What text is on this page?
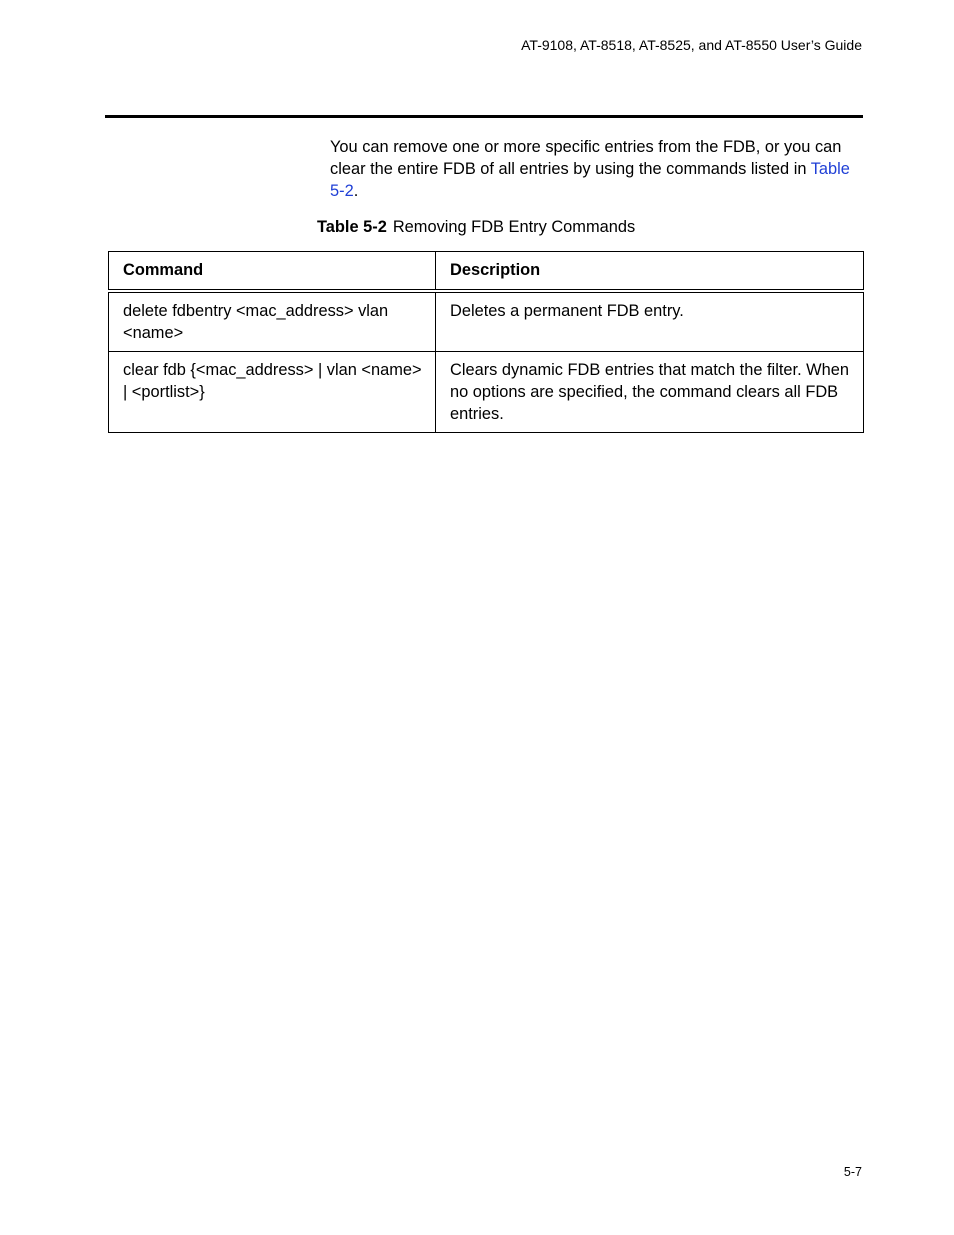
AT-9108, AT-8518, AT-8525, and AT-8550 User’s Guide

You can remove one or more specific entries from the FDB, or you can clear the entire FDB of all entries by using the commands listed in Table 5-2.

Table 5-2 Removing FDB Entry Commands
Command	Description
delete fdbentry <mac_address> vlan <name>	Deletes a permanent FDB entry.
clear fdb {<mac_address> | vlan <name> | <portlist>}	Clears dynamic FDB entries that match the filter. When no options are specified, the command clears all FDB entries.
5-7
